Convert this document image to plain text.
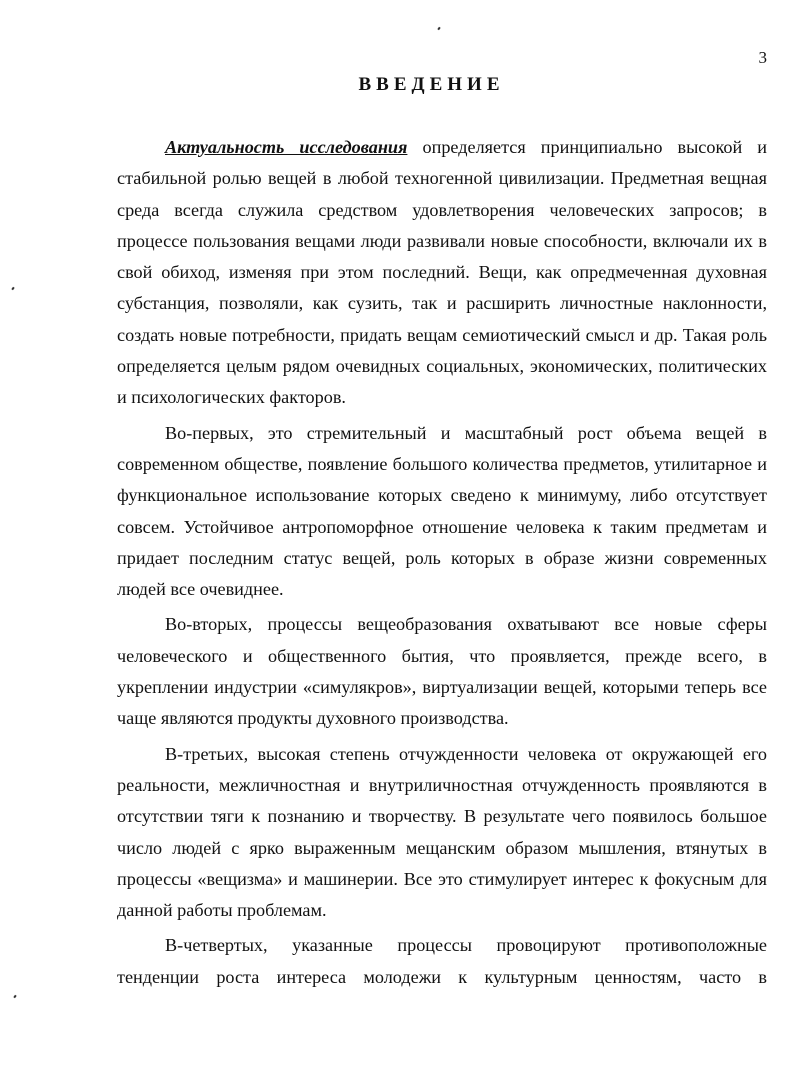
3
ВВЕДЕНИЕ

Актуальность исследования определяется принципиально высокой и стабильной ролью вещей в любой техногенной цивилизации. Предметная вещная среда всегда служила средством удовлетворения человеческих запросов; в процессе пользования вещами люди развивали новые способности, включали их в свой обиход, изменяя при этом последний. Вещи, как опредмеченная духовная субстанция, позволяли, как сузить, так и расширить личностные наклонности, создать новые потребности, придать вещам семиотический смысл и др. Такая роль определяется целым рядом очевидных социальных, экономических, политических и психологических факторов.

Во-первых, это стремительный и масштабный рост объема вещей в современном обществе, появление большого количества предметов, утилитарное и функциональное использование которых сведено к минимуму, либо отсутствует совсем. Устойчивое антропоморфное отношение человека к таким предметам и придает последним статус вещей, роль которых в образе жизни современных людей все очевиднее.

Во-вторых, процессы вещеобразования охватывают все новые сферы человеческого и общественного бытия, что проявляется, прежде всего, в укреплении индустрии «симулякров», виртуализации вещей, которыми теперь все чаще являются продукты духовного производства.

В-третьих, высокая степень отчужденности человека от окружающей его реальности, межличностная и внутриличностная отчужденность проявляются в отсутствии тяги к познанию и творчеству. В результате чего появилось большое число людей с ярко выраженным мещанским образом мышления, втянутых в процессы «вещизма» и машинерии. Все это стимулирует интерес к фокусным для данной работы проблемам.

В-четвертых, указанные процессы провоцируют противоположные тенденции роста интереса молодежи к культурным ценностям, часто в
